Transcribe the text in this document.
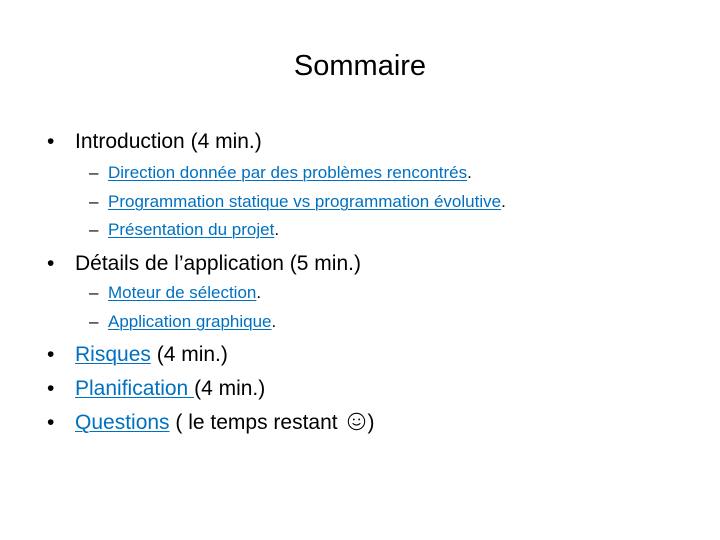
Sommaire
• Introduction (4 min.)
– Direction donnée par des problèmes rencontrés.
– Programmation statique vs programmation évolutive.
– Présentation du projet.
• Détails de l’application (5 min.)
– Moteur de sélection.
– Application graphique.
• Risques (4 min.)
• Planification (4 min.)
• Questions ( le temps restant )
